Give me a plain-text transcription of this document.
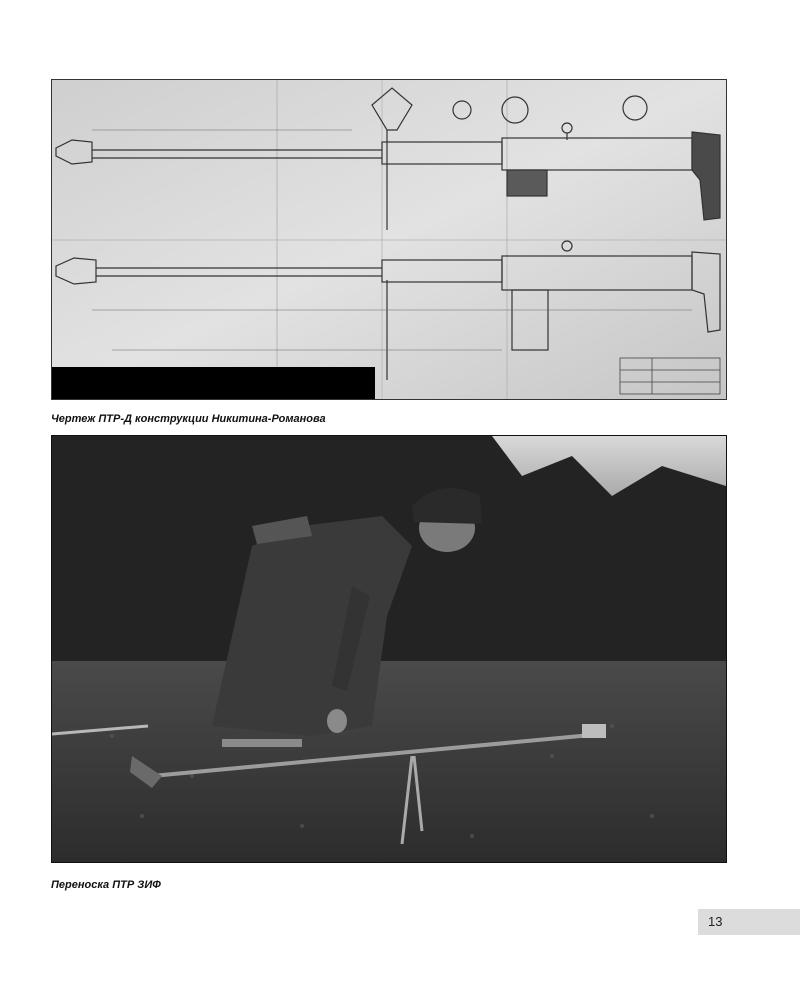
Чертеж ПТР-Д конструкции Никитина-Романова
Переноска ПТР ЗИФ
13
